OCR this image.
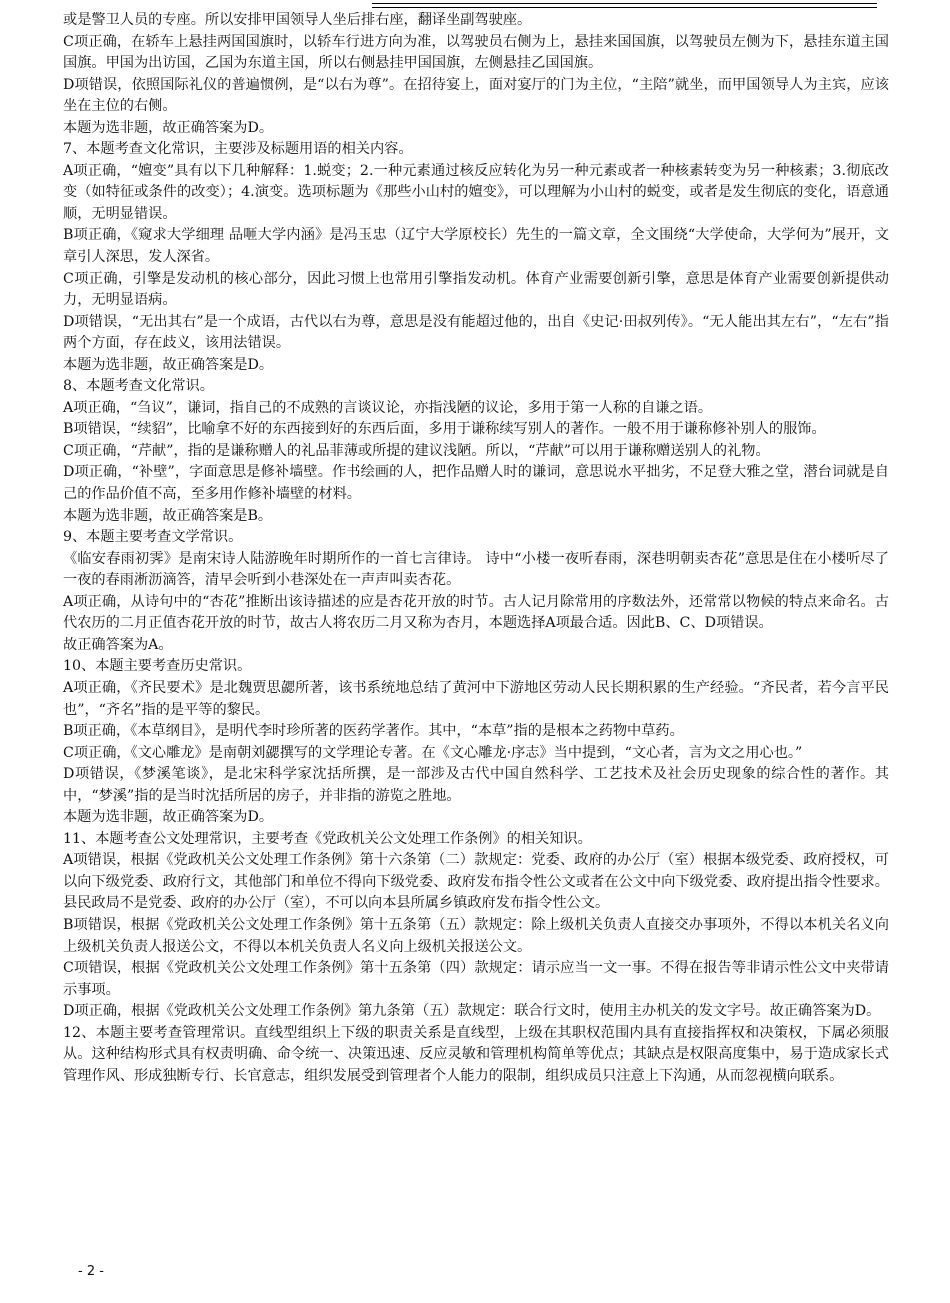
或是警卫人员的专座。所以安排甲国领导人坐后排右座，翻译坐副驾驶座。

C项正确，在轿车上悬挂两国国旗时，以轿车行进方向为准，以驾驶员右侧为上，悬挂来国国旗，以驾驶员左侧为下，悬挂东道主国国旗。甲国为出访国，乙国为东道主国，所以右侧悬挂甲国国旗，左侧悬挂乙国国旗。

D项错误，依照国际礼仪的普遍惯例，是“以右为尊”。在招待宴上，面对宴厅的门为主位，“主陪”就坐，而甲国领导人为主宾，应该坐在主位的右侧。

本题为选非题，故正确答案为D。

7、本题考查文化常识，主要涉及标题用语的相关内容。

A项正确，“嬗变”具有以下几种解释：1.蜕变；2.一种元素通过核反应转化为另一种元素或者一种核素转变为另一种核素；3.彻底改变（如特征或条件的改变）；4.演变。选项标题为《那些小山村的嬗变》，可以理解为小山村的蜕变，或者是发生彻底的变化，语意通顺，无明显错误。

B项正确，《窥求大学细理 品咂大学内涵》是冯玉忠（辽宁大学原校长）先生的一篇文章，全文围绕“大学使命，大学何为”展开，文章引人深思，发人深省。

C项正确，引擎是发动机的核心部分，因此习惯上也常用引擎指发动机。体育产业需要创新引擎，意思是体育产业需要创新提供动力，无明显语病。

D项错误，“无出其右”是一个成语，古代以右为尊，意思是没有能超过他的，出自《史记·田叔列传》。“无人能出其左右”，“左右”指两个方面，存在歧义，该用法错误。

本题为选非题，故正确答案是D。

8、本题考查文化常识。

A项正确，“刍议”，谦词，指自己的不成熟的言谈议论，亦指浅陋的议论，多用于第一人称的自谦之语。

B项错误，“续貂”，比喻拿不好的东西接到好的东西后面，多用于谦称续写别人的著作。一般不用于谦称修补别人的服饰。

C项正确，“芹献”，指的是谦称赠人的礼品菲薄或所提的建议浅陋。所以，“芹献”可以用于谦称赠送别人的礼物。

D项正确，“补壁”，字面意思是修补墙壁。作书绘画的人，把作品赠人时的谦词，意思说水平拙劣，不足登大雅之堂，潜台词就是自己的作品价值不高，至多用作修补墙壁的材料。

本题为选非题，故正确答案是B。

9、本题主要考查文学常识。

《临安春雨初霁》是南宋诗人陆游晚年时期所作的一首七言律诗。 诗中“小楼一夜听春雨，深巷明朝卖杏花”意思是住在小楼听尽了一夜的春雨淅沥滴答，清早会听到小巷深处在一声声叫卖杏花。

A项正确，从诗句中的“杏花”推断出该诗描述的应是杏花开放的时节。古人记月除常用的序数法外，还常常以物候的特点来命名。古代农历的二月正值杏花开放的时节，故古人将农历二月又称为杏月，本题选择A项最合适。因此B、C、D项错误。

故正确答案为A。

10、本题主要考查历史常识。

A项正确，《齐民要术》是北魏贾思勰所著，该书系统地总结了黄河中下游地区劳动人民长期积累的生产经验。“齐民者，若今言平民也”，“齐名”指的是平等的黎民。

B项正确，《本草纲目》，是明代李时珍所著的医药学著作。其中，“本草”指的是根本之药物中草药。

C项正确，《文心雕龙》是南朝刘勰撰写的文学理论专著。在《文心雕龙·序志》当中提到，“文心者，言为文之用心也。”

D项错误，《梦溪笔谈》，是北宋科学家沈括所撰，是一部涉及古代中国自然科学、工艺技术及社会历史现象的综合性的著作。其中，“梦溪”指的是当时沈括所居的房子，并非指的游览之胜地。

本题为选非题，故正确答案为D。

11、本题考查公文处理常识，主要考查《党政机关公文处理工作条例》的相关知识。

A项错误，根据《党政机关公文处理工作条例》第十六条第（二）款规定：党委、政府的办公厅（室）根据本级党委、政府授权，可以向下级党委、政府行文，其他部门和单位不得向下级党委、政府发布指令性公文或者在公文中向下级党委、政府提出指令性要求。县民政局不是党委、政府的办公厅（室），不可以向本县所属乡镇政府发布指令性公文。

B项错误，根据《党政机关公文处理工作条例》第十五条第（五）款规定：除上级机关负责人直接交办事项外，不得以本机关名义向上级机关负责人报送公文，不得以本机关负责人名义向上级机关报送公文。

C项错误，根据《党政机关公文处理工作条例》第十五条第（四）款规定：请示应当一文一事。不得在报告等非请示性公文中夹带请示事项。

D项正确，根据《党政机关公文处理工作条例》第九条第（五）款规定：联合行文时，使用主办机关的发文字号。故正确答案为D。

12、本题主要考查管理常识。直线型组织上下级的职责关系是直线型，上级在其职权范围内具有直接指挥权和决策权，下属必须服从。这种结构形式具有权责明确、命令统一、决策迅速、反应灵敏和管理机构简单等优点；其缺点是权限高度集中，易于造成家长式管理作风、形成独断专行、长官意志，组织发展受到管理者个人能力的限制，组织成员只注意上下沟通，从而忽视横向联系。

- 2 -
